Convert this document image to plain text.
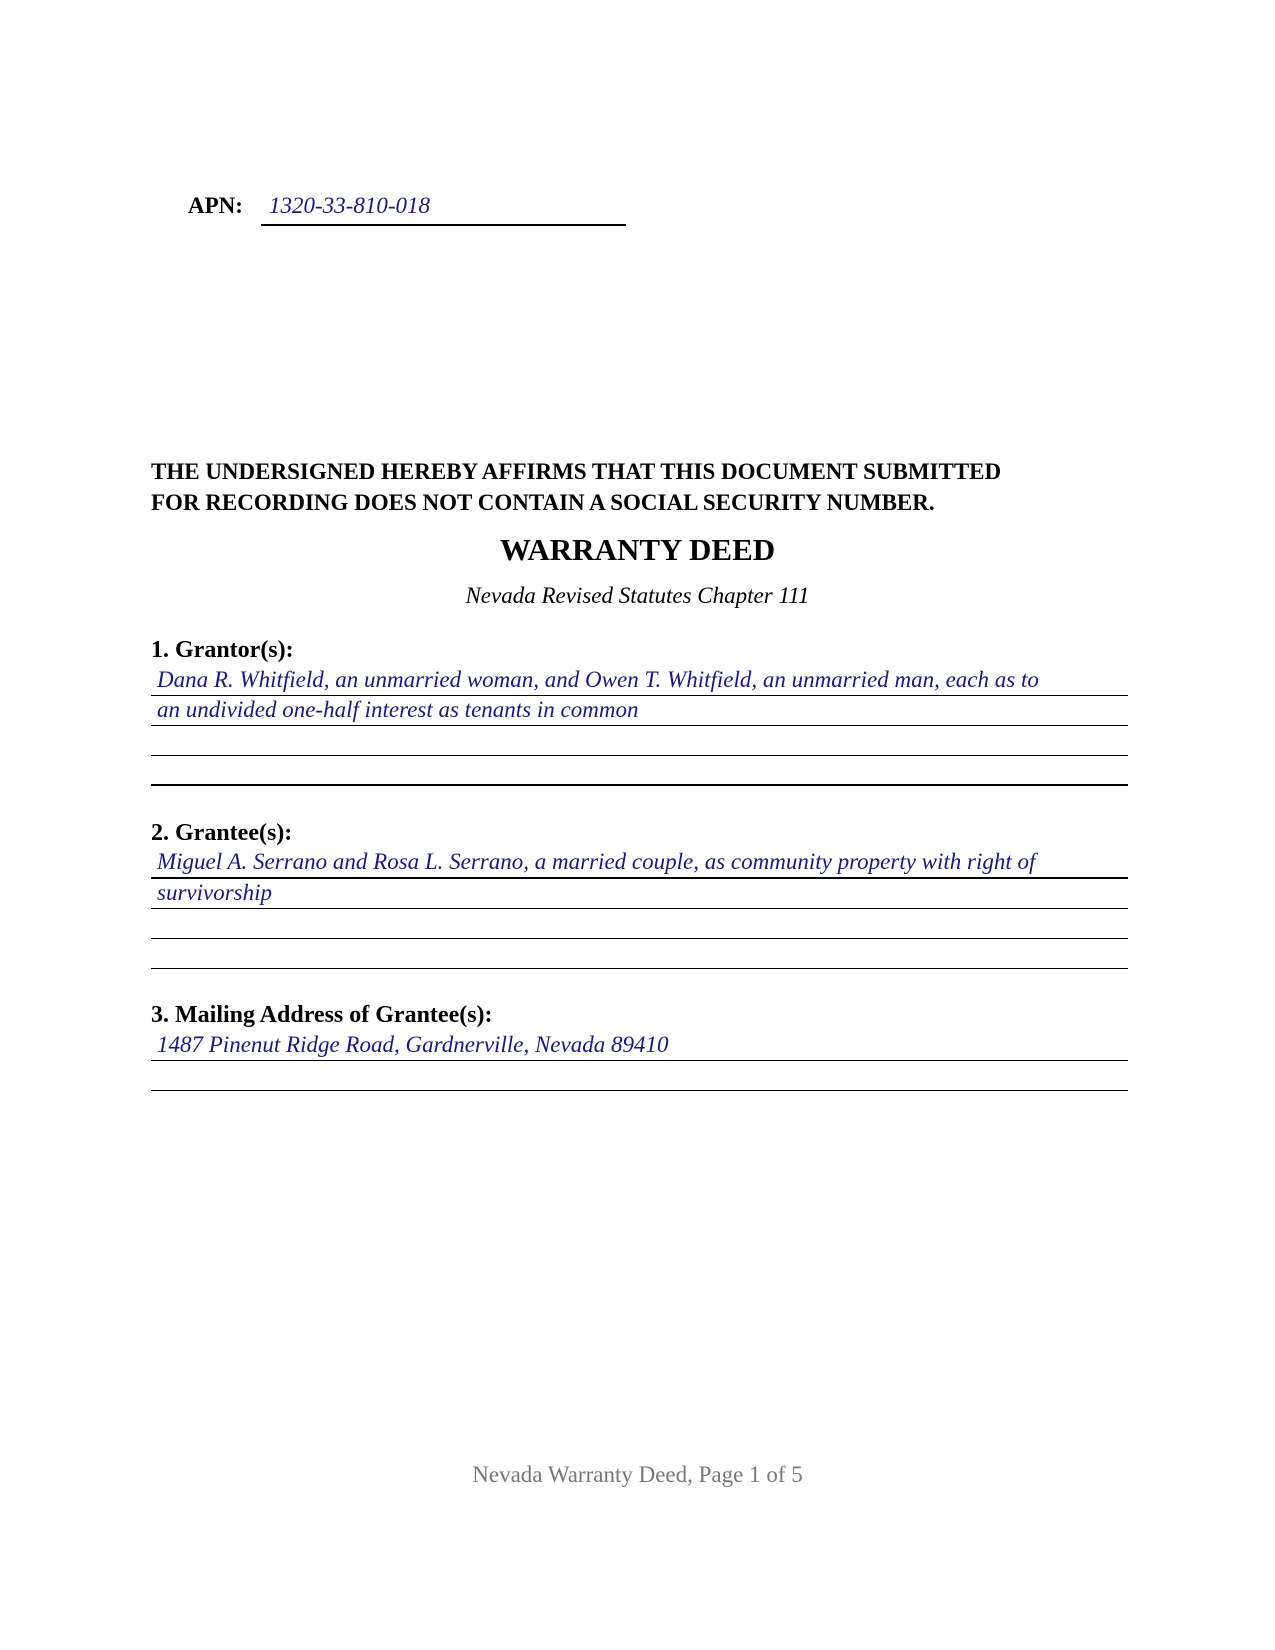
APN: 1320-33-810-018
THE UNDERSIGNED HEREBY AFFIRMS THAT THIS DOCUMENT SUBMITTED
FOR RECORDING DOES NOT CONTAIN A SOCIAL SECURITY NUMBER.
WARRANTY DEED
Nevada Revised Statutes Chapter 111
1. Grantor(s):
Dana R. Whitfield, an unmarried woman, and Owen T. Whitfield, an unmarried man, each as to
an undivided one-half interest as tenants in common
2. Grantee(s):
Miguel A. Serrano and Rosa L. Serrano, a married couple, as community property with right of
survivorship
3. Mailing Address of Grantee(s):
1487 Pinenut Ridge Road, Gardnerville, Nevada 89410
Nevada Warranty Deed, Page 1 of 5
